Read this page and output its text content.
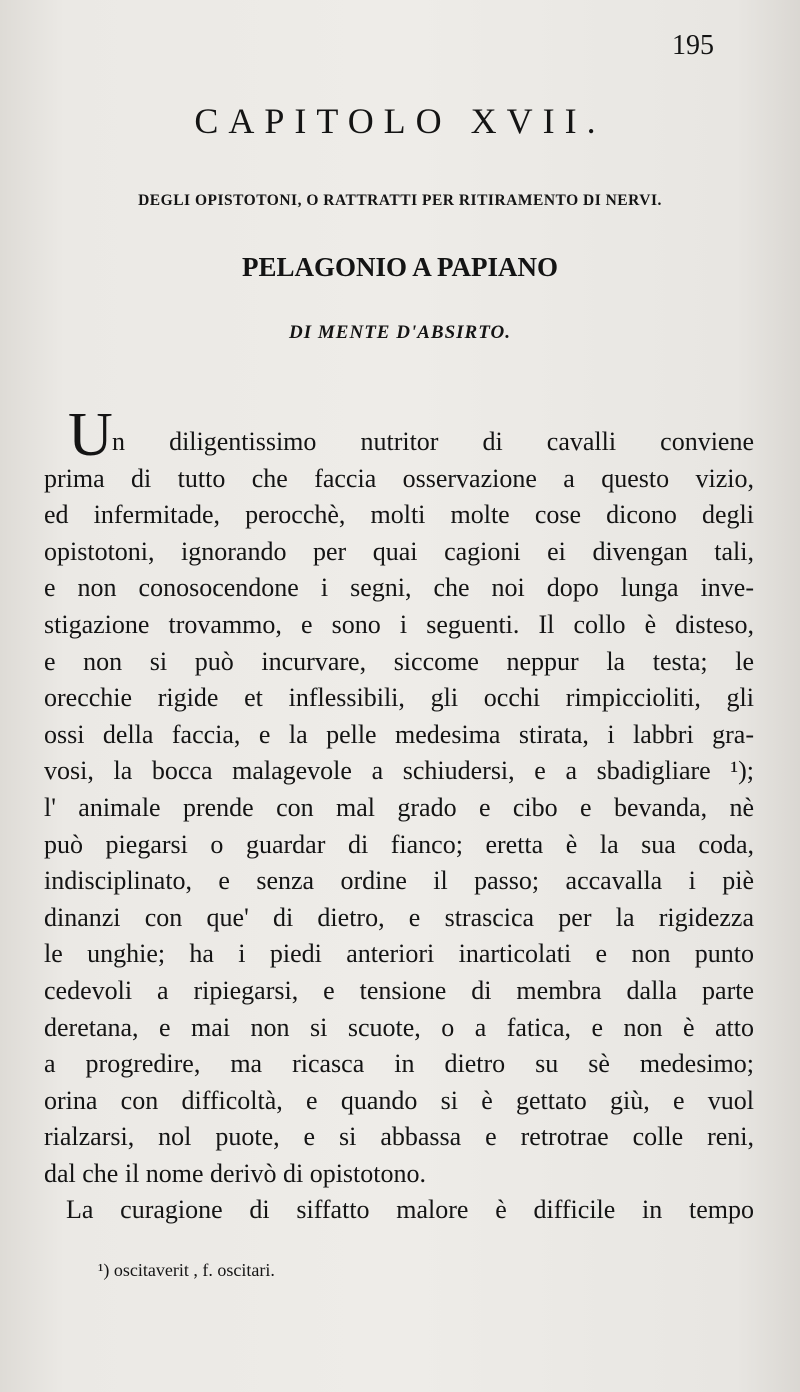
195
CAPITOLO XVII.
DEGLI OPISTOTONI, O RATTRATTI PER RITIRAMENTO DI NERVI.
PELAGONIO A PAPIANO
DI MENTE D'ABSIRTO.
U n diligentissimo nutritor di cavalli conviene
prima di tutto che faccia osservazione a questo vizio,
ed infermitade, perocchè, molti molte cose dicono degli
opistotoni, ignorando per quai cagioni ei divengan tali,
e non conosocendone i segni, che noi dopo lunga inve-
stigazione trovammo, e sono i seguenti. Il collo è disteso,
e non si può incurvare, siccome neppur la testa; le
orecchie rigide et inflessibili, gli occhi rimpiccioliti, gli
ossi della faccia, e la pelle medesima stirata, i labbri gra-
vosi, la bocca malagevole a schiudersi, e a sbadigliare ¹);
l' animale prende con mal grado e cibo e bevanda, nè
può piegarsi o guardar di fianco; eretta è la sua coda,
indisciplinato, e senza ordine il passo; accavalla i piè
dinanzi con que' di dietro, e strascica per la rigidezza
le unghie; ha i piedi anteriori inarticolati e non punto
cedevoli a ripiegarsi, e tensione di membra dalla parte
deretana, e mai non si scuote, o a fatica, e non è atto
a progredire, ma ricasca in dietro su sè medesimo;
orina con difficoltà, e quando si è gettato giù, e vuol
rialzarsi, nol puote, e si abbassa e retrotrae colle reni,
dal che il nome derivò di opistotono.
La curagione di siffatto malore è difficile in tempo
¹) oscitaverit , f. oscitari.
